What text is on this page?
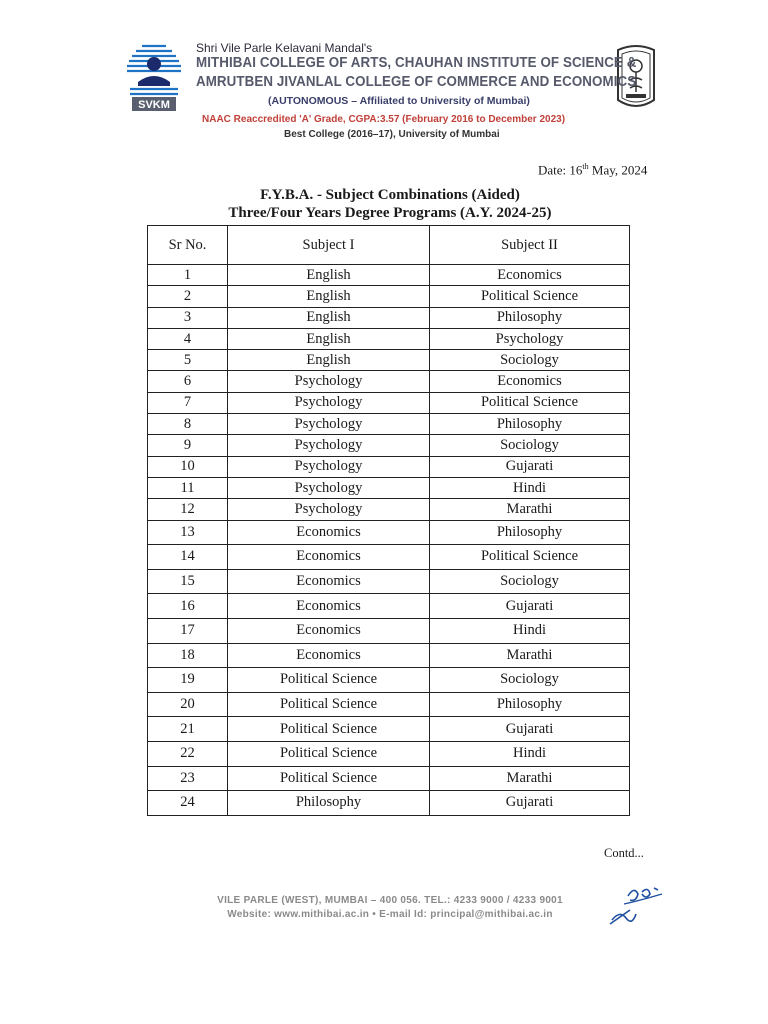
SVKM
Shri Vile Parle Kelavani Mandal's
MITHIBAI COLLEGE OF ARTS, CHAUHAN INSTITUTE OF SCIENCE &
AMRUTBEN JIVANLAL COLLEGE OF COMMERCE AND ECONOMICS
(AUTONOMOUS – Affiliated to University of Mumbai)
NAAC Reaccredited 'A' Grade, CGPA:3.57 (February 2016 to December 2023)
Best College (2016–17), University of Mumbai
Date: 16th May, 2024
F.Y.B.A. - Subject Combinations (Aided)
Three/Four Years Degree Programs (A.Y. 2024-25)
Sr No.	Subject I	Subject II
1	English	Economics
2	English	Political Science
3	English	Philosophy
4	English	Psychology
5	English	Sociology
6	Psychology	Economics
7	Psychology	Political Science
8	Psychology	Philosophy
9	Psychology	Sociology
10	Psychology	Gujarati
11	Psychology	Hindi
12	Psychology	Marathi
13	Economics	Philosophy
14	Economics	Political Science
15	Economics	Sociology
16	Economics	Gujarati
17	Economics	Hindi
18	Economics	Marathi
19	Political Science	Sociology
20	Political Science	Philosophy
21	Political Science	Gujarati
22	Political Science	Hindi
23	Political Science	Marathi
24	Philosophy	Gujarati
Contd...
VILE PARLE (WEST), MUMBAI – 400 056. TEL.: 4233 9000 / 4233 9001
Website: www.mithibai.ac.in • E-mail Id: principal@mithibai.ac.in
